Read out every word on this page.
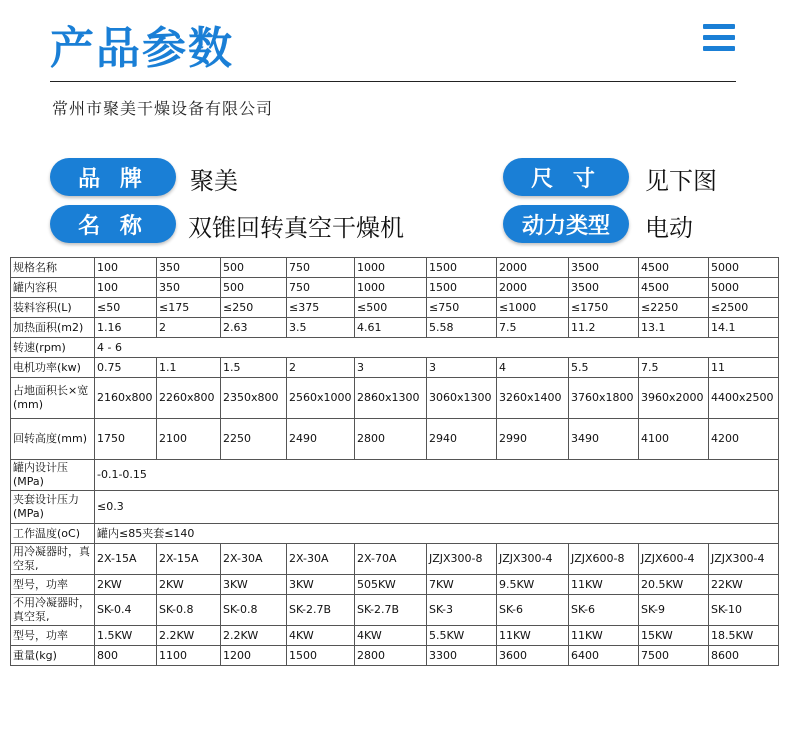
产品参数
常州市聚美干燥设备有限公司
品 牌	聚美	尺 寸	见下图
名 称	双锥回转真空干燥机	动力类型	电动
规格名称	100	350	500	750	1000	1500	2000	3500	4500	5000
罐内容积	100	350	500	750	1000	1500	2000	3500	4500	5000
装料容积(L)	≤50	≤175	≤250	≤375	≤500	≤750	≤1000	≤1750	≤2250	≤2500
加热面积(m2)	1.16	2	2.63	3.5	4.61	5.58	7.5	11.2	13.1	14.1
转速(rpm)	4 - 6									
电机功率(kw)	0.75	1.1	1.5	2	3	3	4	5.5	7.5	11
占地面积长×宽(mm)	2160x800	2260x800	2350x800	2560x1000	2860x1300	3060x1300	3260x1400	3760x1800	3960x2000	4400x2500
回转高度(mm)	1750	2100	2250	2490	2800	2940	2990	3490	4100	4200
罐内设计压(MPa)	-0.1-0.15									
夹套设计压力(MPa)	≤0.3									
工作温度(oC)	罐内≤85夹套≤140									
用冷凝器时，真空泵,	2X-15A	2X-15A	2X-30A	2X-30A	2X-70A	JZJX300-8	JZJX300-4	JZJX600-8	JZJX600-4	JZJX300-4
型号，功率	2KW	2KW	3KW	3KW	505KW	7KW	9.5KW	11KW	20.5KW	22KW
不用冷凝器时，真空泵,	SK-0.4	SK-0.8	SK-0.8	SK-2.7B	SK-2.7B	SK-3	SK-6	SK-6	SK-9	SK-10
型号，功率	1.5KW	2.2KW	2.2KW	4KW	4KW	5.5KW	11KW	11KW	15KW	18.5KW
重量(kg)	800	1100	1200	1500	2800	3300	3600	6400	7500	8600
